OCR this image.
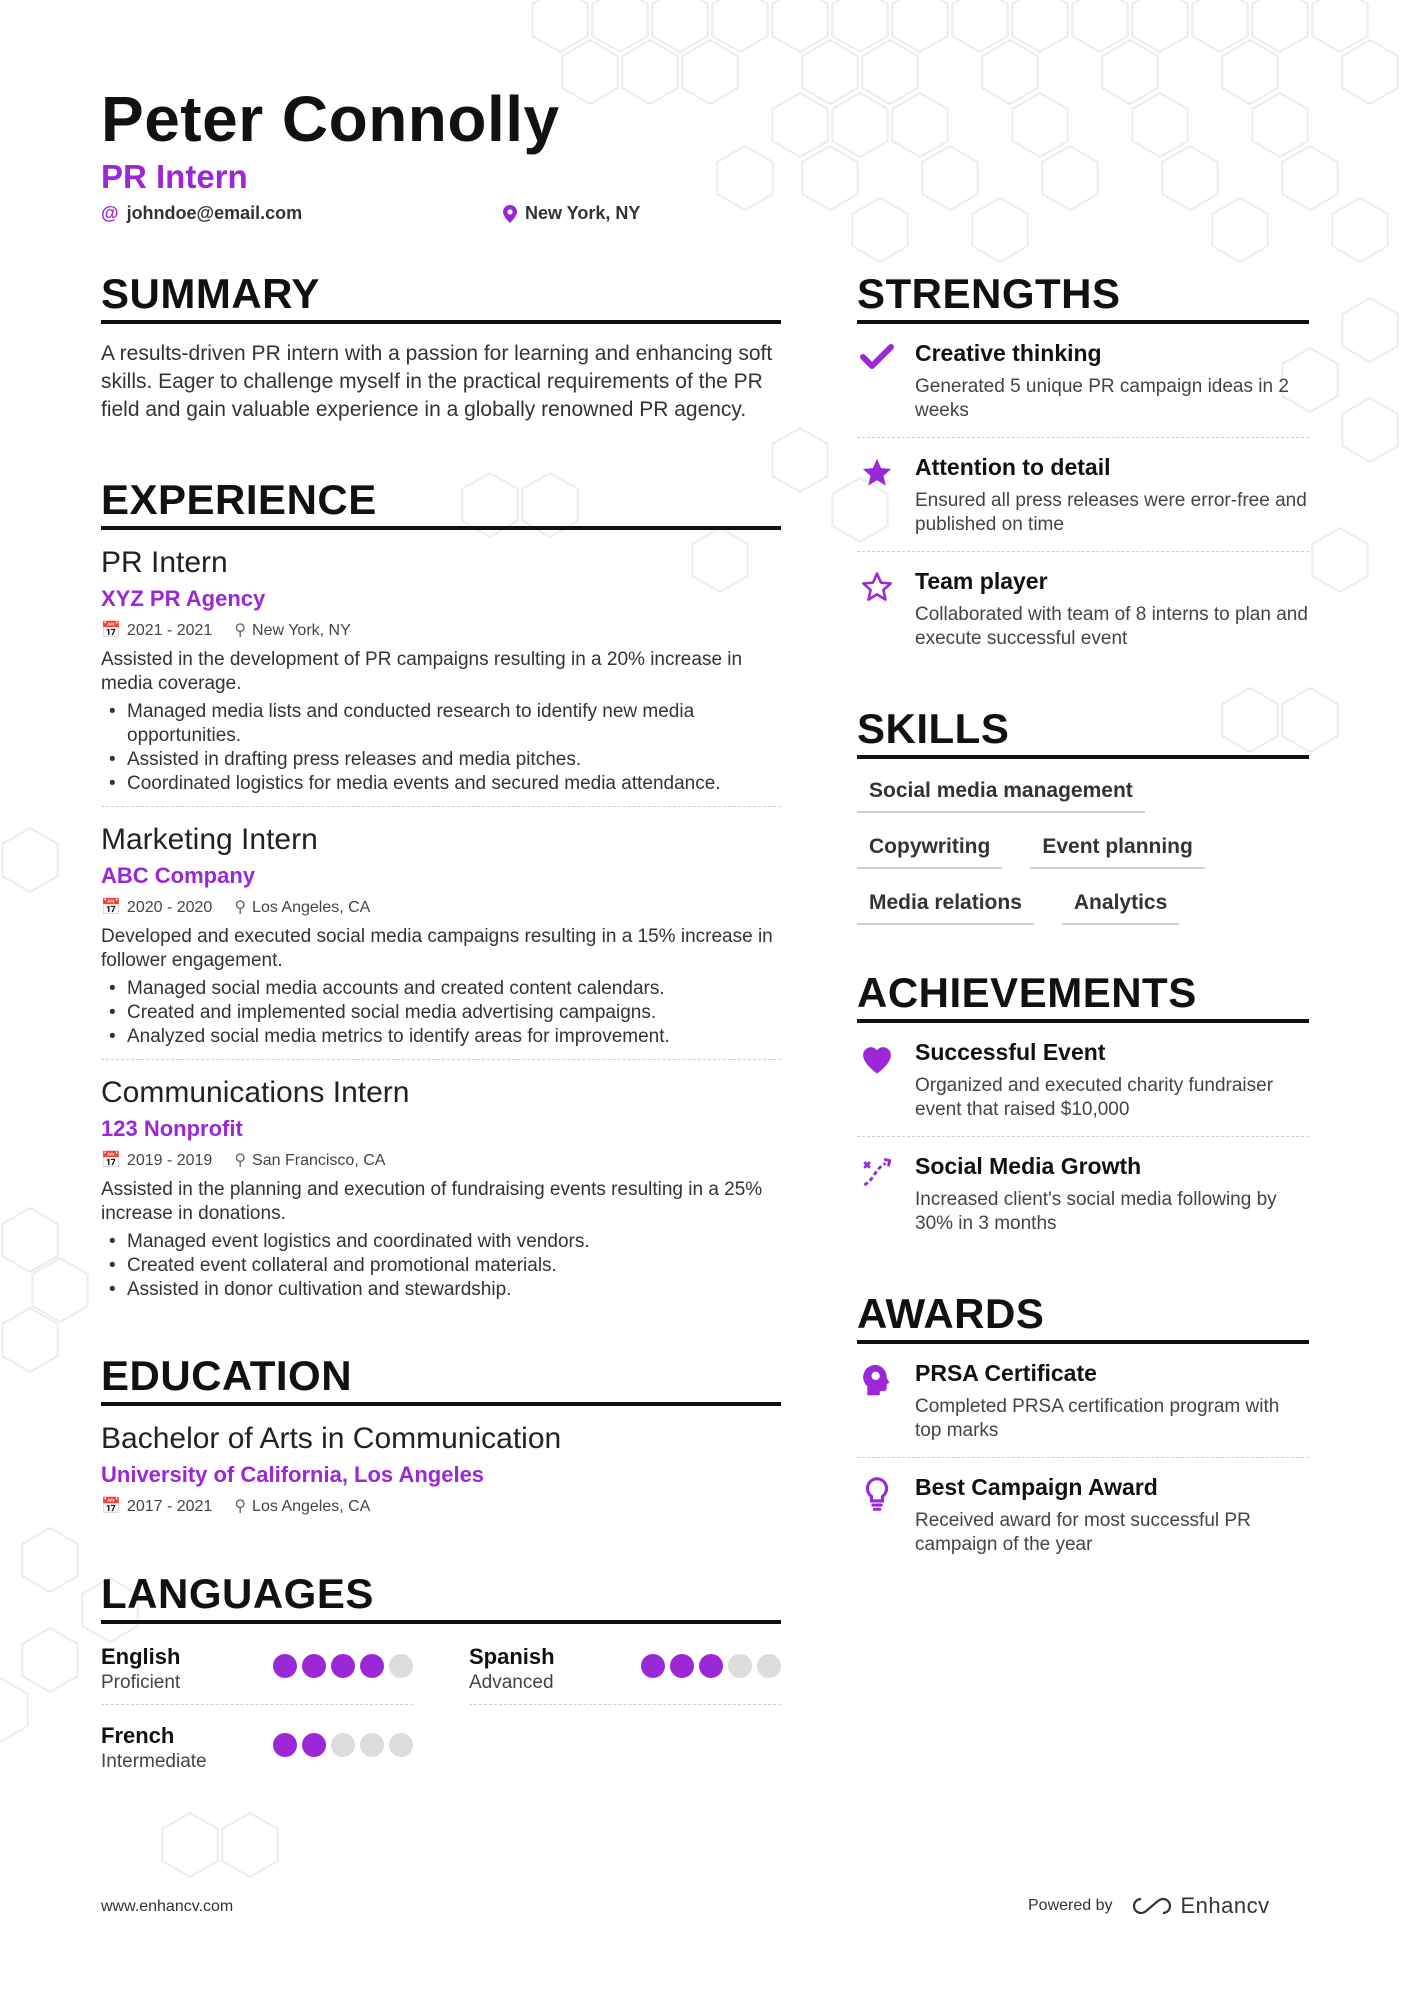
Peter Connolly
PR Intern
@ johndoe@email.com	New York, NY
SUMMARY
A results-driven PR intern with a passion for learning and enhancing soft skills. Eager to challenge myself in the practical requirements of the PR field and gain valuable experience in a globally renowned PR agency.
EXPERIENCE
PR Intern
XYZ PR Agency
📅 2021 - 2021 ⚲ New York, NY
Assisted in the development of PR campaigns resulting in a 20% increase in media coverage.
• Managed media lists and conducted research to identify new media opportunities.
• Assisted in drafting press releases and media pitches.
• Coordinated logistics for media events and secured media attendance.
Marketing Intern
ABC Company
📅 2020 - 2020 ⚲ Los Angeles, CA
Developed and executed social media campaigns resulting in a 15% increase in follower engagement.
• Managed social media accounts and created content calendars.
• Created and implemented social media advertising campaigns.
• Analyzed social media metrics to identify areas for improvement.
Communications Intern
123 Nonprofit
📅 2019 - 2019 ⚲ San Francisco, CA
Assisted in the planning and execution of fundraising events resulting in a 25% increase in donations.
• Managed event logistics and coordinated with vendors.
• Created event collateral and promotional materials.
• Assisted in donor cultivation and stewardship.
EDUCATION
Bachelor of Arts in Communication
University of California, Los Angeles
📅 2017 - 2021 ⚲ Los Angeles, CA
LANGUAGES
English
Proficient
Spanish
Advanced
French
Intermediate
STRENGTHS
Creative thinking
Generated 5 unique PR campaign ideas in 2 weeks
Attention to detail
Ensured all press releases were error-free and published on time
Team player
Collaborated with team of 8 interns to plan and execute successful event
SKILLS
Social media management
Copywriting	Event planning
Media relations	Analytics
ACHIEVEMENTS
Successful Event
Organized and executed charity fundraiser event that raised $10,000
Social Media Growth
Increased client's social media following by 30% in 3 months
AWARDS
PRSA Certificate
Completed PRSA certification program with top marks
Best Campaign Award
Received award for most successful PR campaign of the year
www.enhancv.com	Powered by	Enhancv
